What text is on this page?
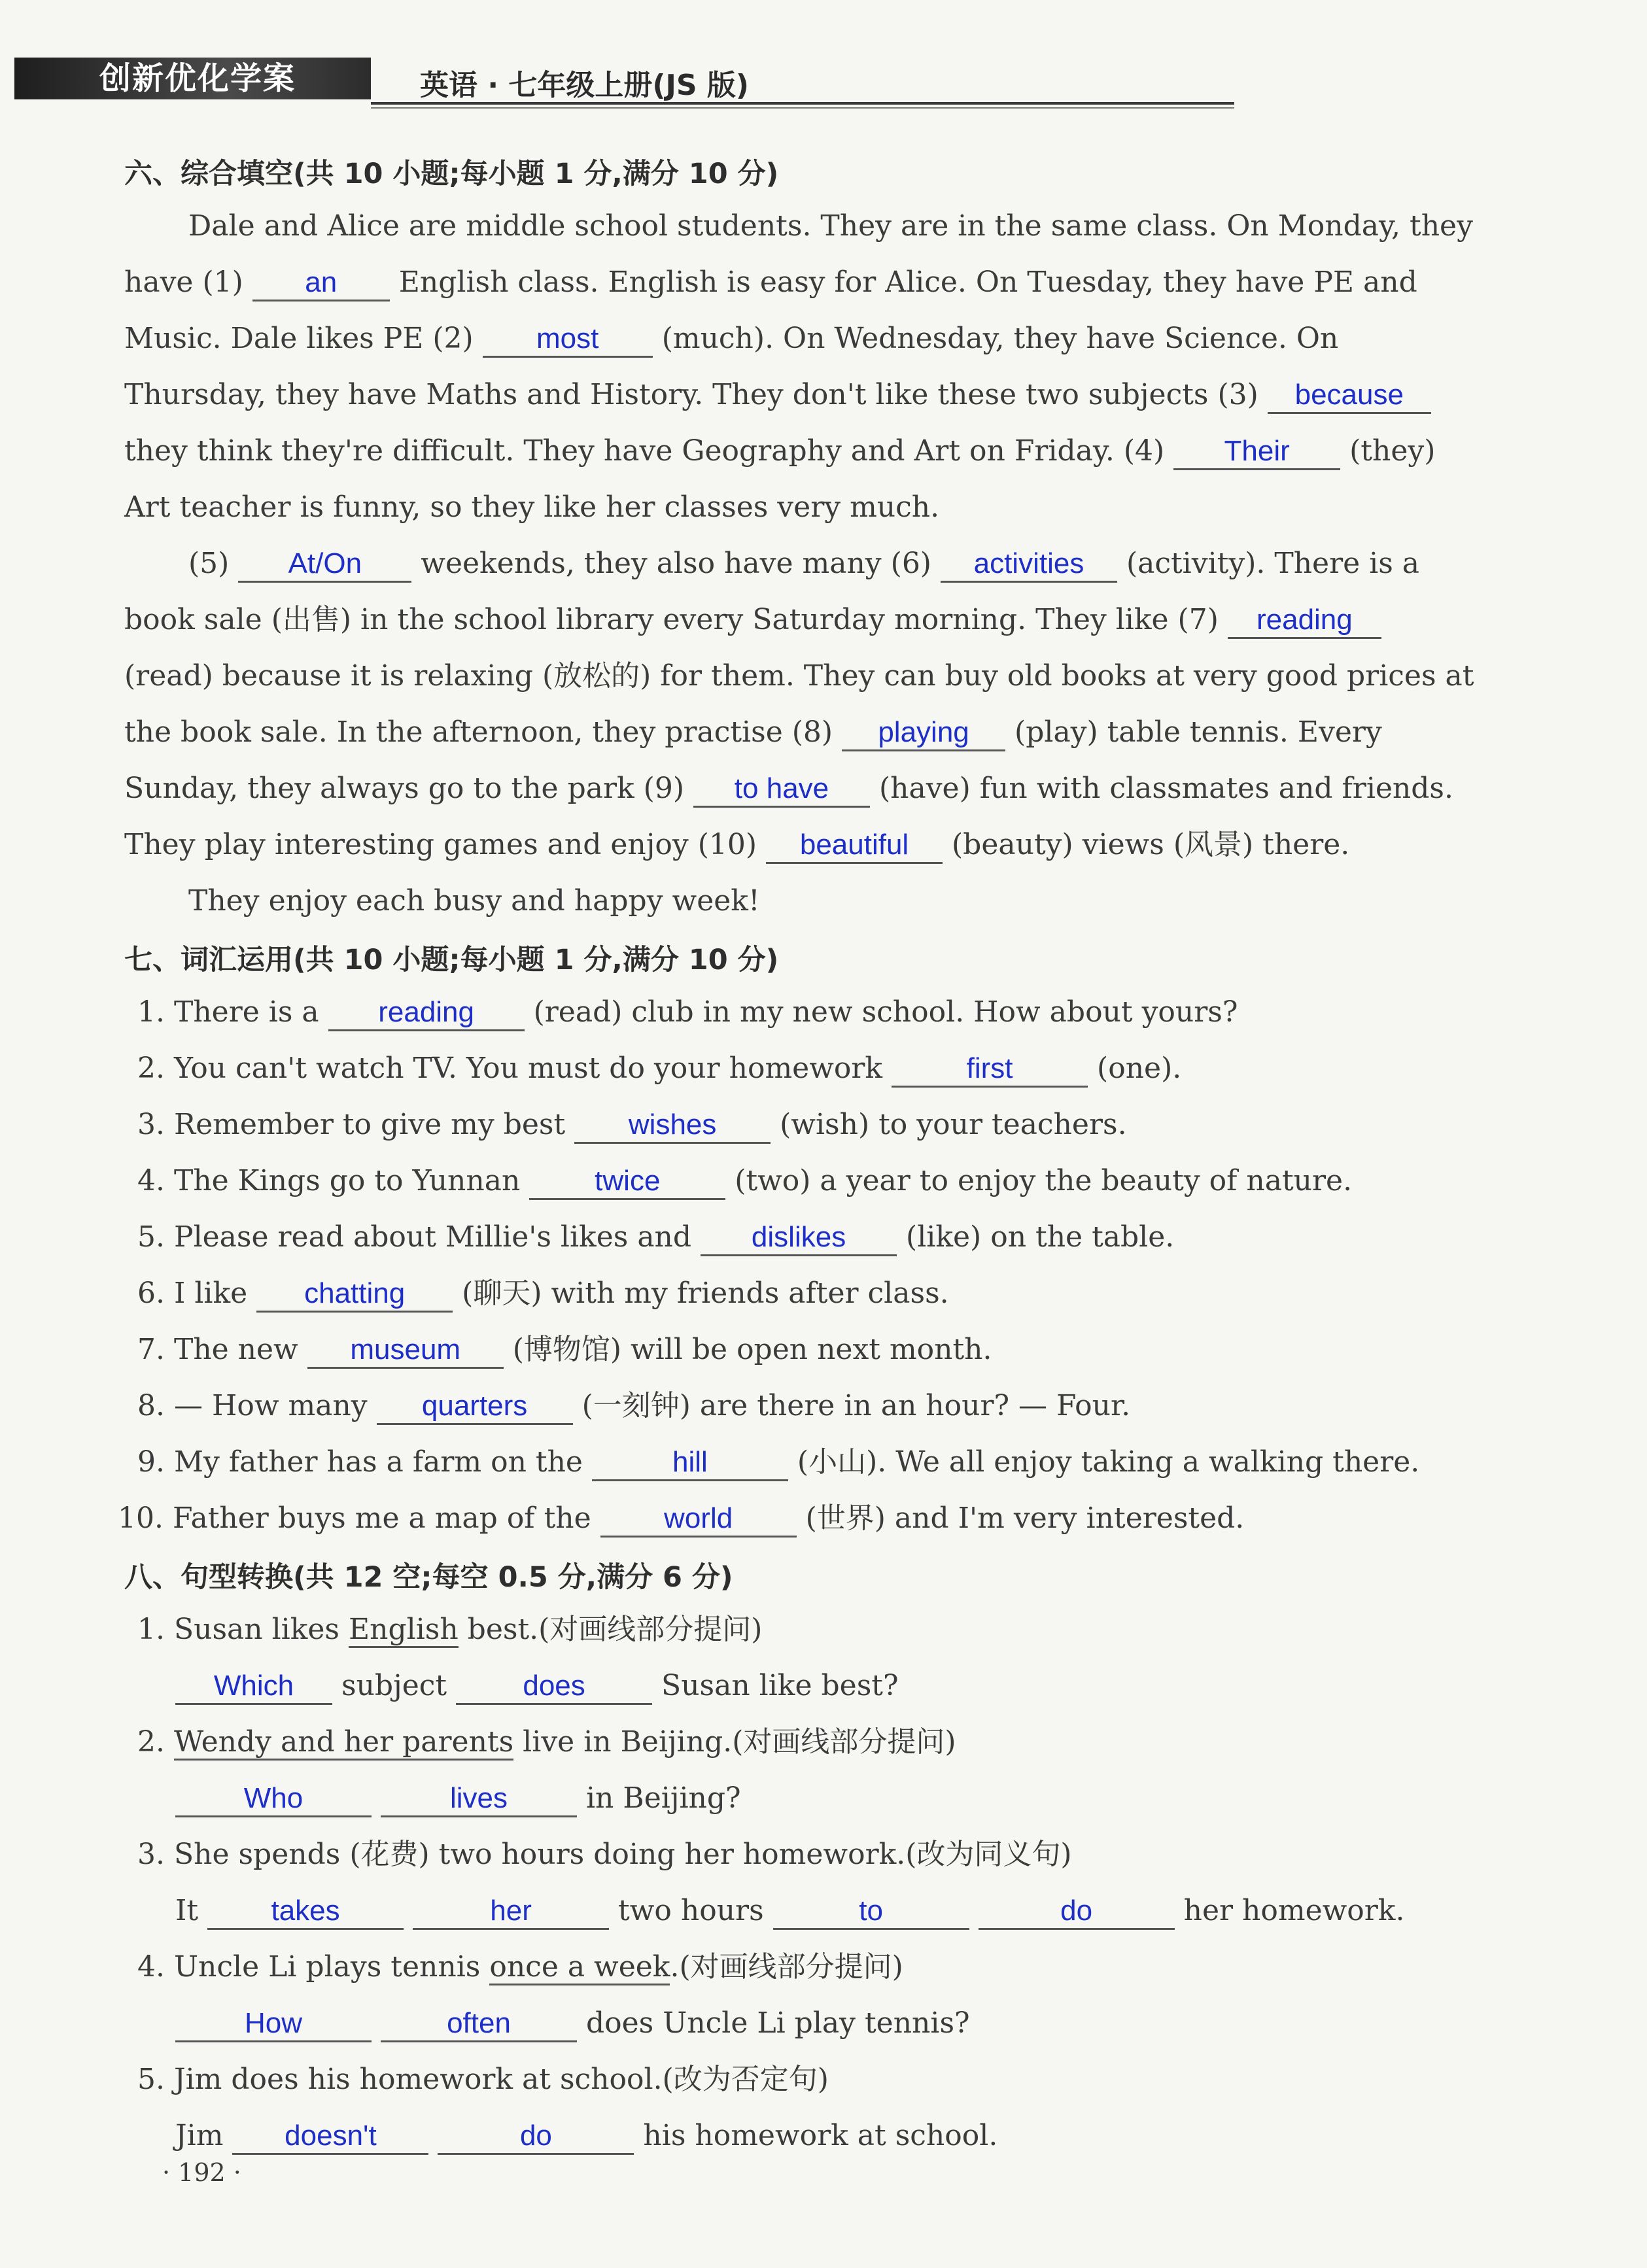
创新优化学案	英语 · 七年级上册(JS 版)
六、综合填空(共 10 小题;每小题 1 分,满分 10 分)
Dale and Alice are middle school students. They are in the same class. On Monday, they
have (1) an English class. English is easy for Alice. On Tuesday, they have PE and
Music. Dale likes PE (2) most (much). On Wednesday, they have Science. On
Thursday, they have Maths and History. They don't like these two subjects (3) because
they think they're difficult. They have Geography and Art on Friday. (4) Their (they)
Art teacher is funny, so they like her classes very much.
(5) At/On weekends, they also have many (6) activities (activity). There is a
book sale (出售) in the school library every Saturday morning. They like (7) reading
(read) because it is relaxing (放松的) for them. They can buy old books at very good prices at
the book sale. In the afternoon, they practise (8) playing (play) table tennis. Every
Sunday, they always go to the park (9) to have (have) fun with classmates and friends.
They play interesting games and enjoy (10) beautiful (beauty) views (风景) there.
They enjoy each busy and happy week!
七、词汇运用(共 10 小题;每小题 1 分,满分 10 分)
1. There is a reading (read) club in my new school. How about yours?
2. You can't watch TV. You must do your homework	first	(one).
3. Remember to give my best wishes (wish) to your teachers.
4. The Kings go to Yunnan twice (two) a year to enjoy the beauty of nature.
5. Please read about Millie's likes and dislikes (like) on the table.
6. I like chatting (聊天) with my friends after class.
7. The new museum (博物馆) will be open next month.
8. — How many quarters (一刻钟) are there in an hour? — Four.
9. My father has a farm on the	hill	(小山). We all enjoy taking a walking there.
10. Father buys me a map of the world (世界) and I'm very interested.
八、句型转换(共 12 空;每空 0.5 分,满分 6 分)
1. Susan likes English best.(对画线部分提问)
Which subject does Susan like best?
2. Wendy and her parents live in Beijing.(对画线部分提问)
Who	lives in Beijing?
3. She spends (花费) two hours doing her homework.(改为同义句)
It takes	her	two hours	to	do	her homework.
4. Uncle Li plays tennis once a week.(对画线部分提问)
How	often does Uncle Li play tennis?
5. Jim does his homework at school.(改为否定句)
Jim doesn't	do	his homework at school.
· 192 ·
